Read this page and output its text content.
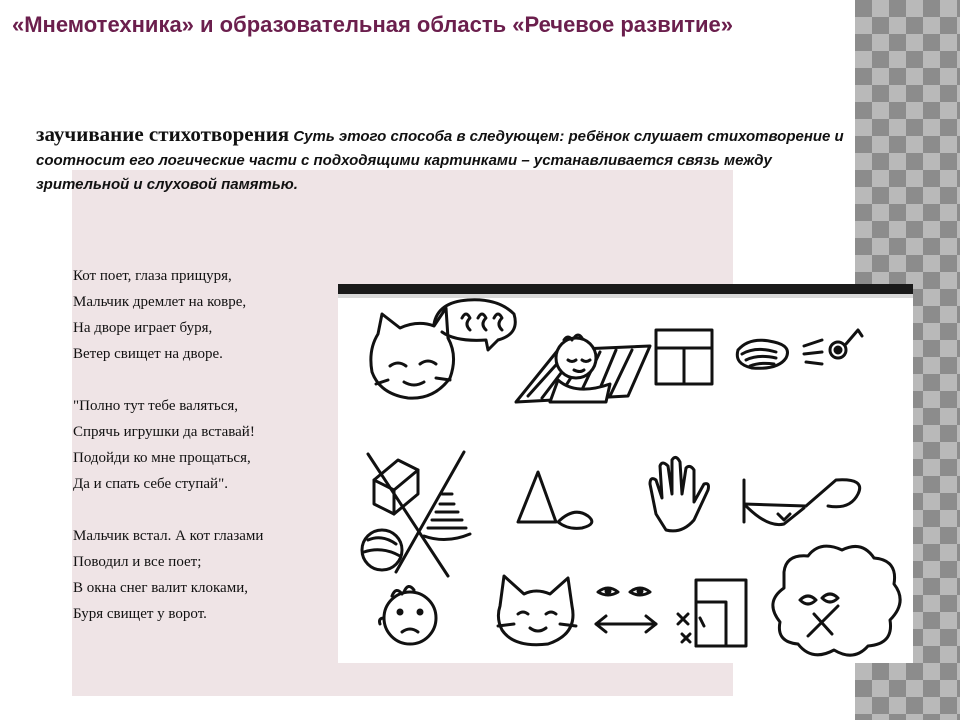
«Мнемотехника» и образовательная область «Речевое развитие»
заучивание стихотворения Суть этого способа в следующем: ребёнок слушает стихотворение и соотносит его логические части с подходящими картинками – устанавливается связь между зрительной и слуховой памятью.
Кот поет, глаза прищуря,
Мальчик дремлет на ковре,
На дворе играет буря,
Ветер свищет на дворе.
"Полно тут тебе валяться,
Спрячь игрушки да вставай!
Подойди ко мне прощаться,
Да и спать себе ступай".
Мальчик встал. А кот глазами
Поводил и все поет;
В окна снег валит клоками,
Буря свищет у ворот.
